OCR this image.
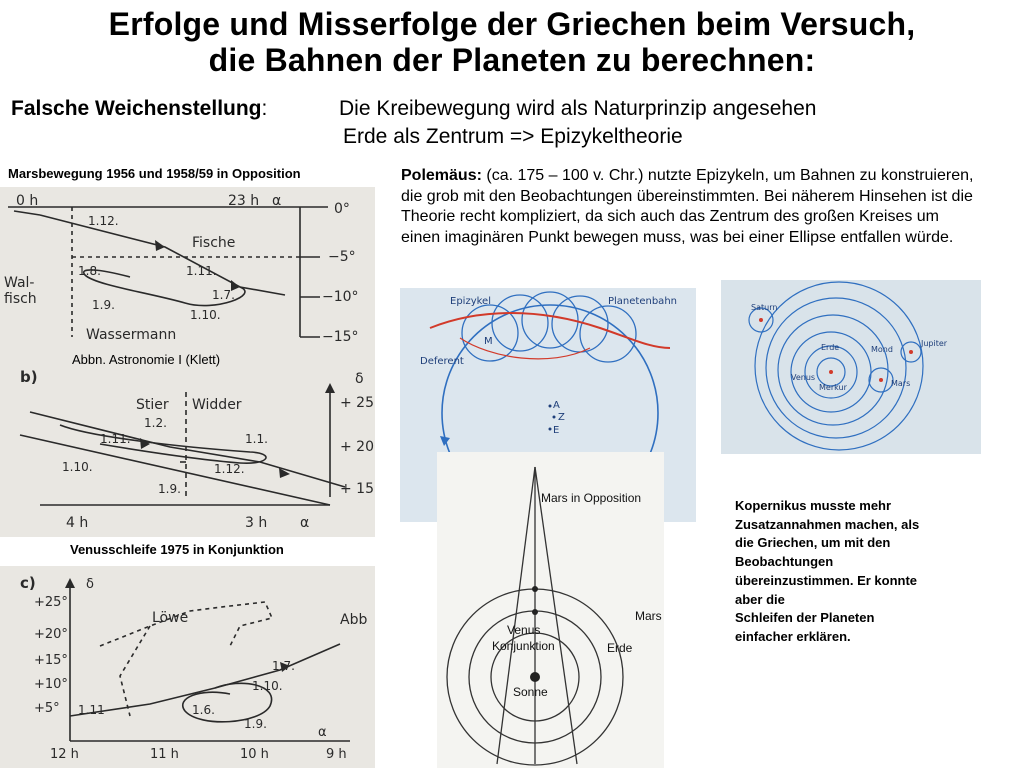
Erfolge und Misserfolge der Griechen beim Versuch,
die Bahnen der Planeten zu berechnen:
Falsche Weichenstellung:	Die Kreibewegung wird als Naturprinzip angesehen
Erde als Zentrum => Epizykeltheorie
Marsbewegung 1956 und 1958/59 in Opposition
0 h	23 h α	0°
−5°
−10°
−15°
Fische
Wal-
fisch
Wassermann
1.12.
1.8.	1.11.
1.7.
1.9.
1.10.
b)	δ
+ 25
+ 20
+ 15
Stier Widder
1.2.
1.11.	1.1.
1.10.	1.12.
1.9.
4 h	3 h α
Abbn. Astronomie I (Klett)
Venusschleife 1975 in Konjunktion
c)	δ
+25°
+20°
+15°
+10°
+5°
Löwe	Abb
1.7.
1.10.
1.6.
1.9.
1.11
12 h	11 h	10 h	9 h
α
Polemäus: (ca. 175 – 100 v. Chr.) nutzte Epizykeln, um Bahnen zu konstruieren, die grob mit den Beobachtungen übereinstimmten. Bei näherem Hinsehen ist die Theorie recht kompliziert, da sich auch das Zentrum des großen Kreises um einen imaginären Punkt bewegen muss, was bei einer Ellipse entfallen würde.
Epizykel	Planetenbahn
Deferent
M
A
Z
E
Erde	Mond
Jupiter
Venus
Merkur
Saturn
Mars
Mars in Opposition
Mars
Venus
Konjunktion	Erde
Sonne
Kopernikus musste mehr
Zusatzannahmen machen, als
die Griechen, um mit den
Beobachtungen
übereinzustimmen. Er konnte
aber die
Schleifen der Planeten
einfacher erklären.
